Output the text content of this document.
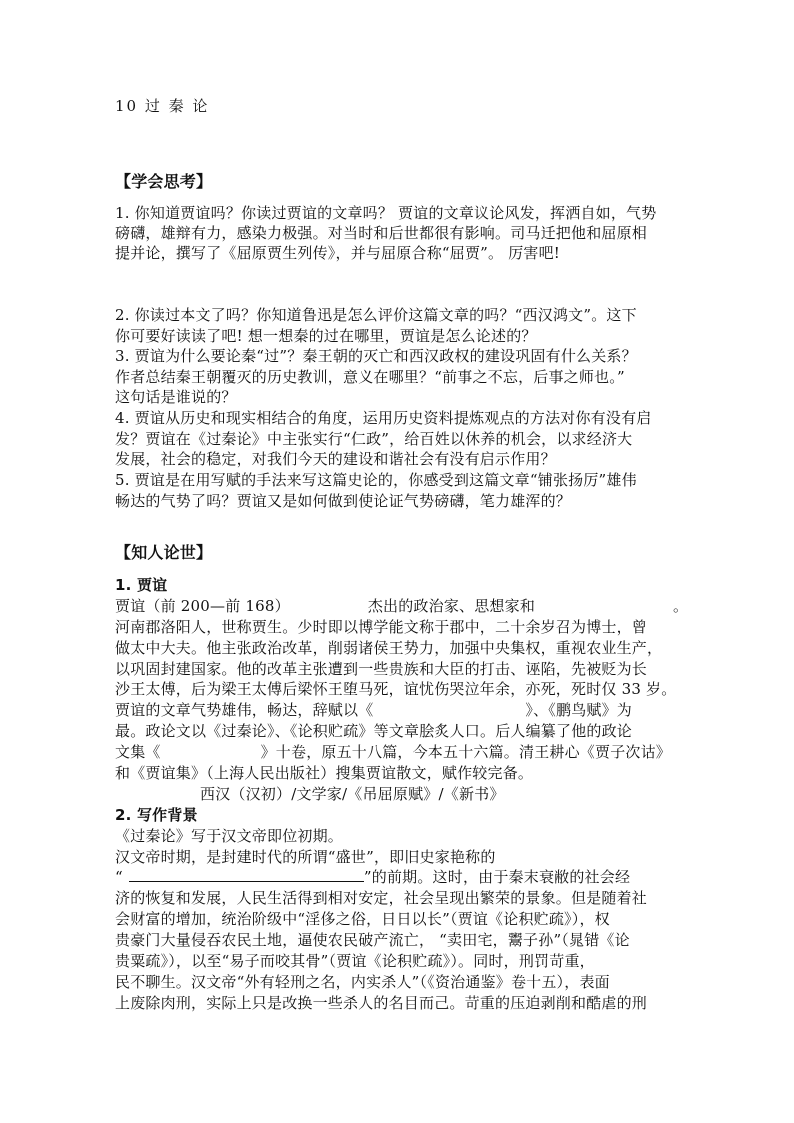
10 过 秦 论
【学会思考】
1. 你知道贾谊吗？你读过贾谊的文章吗？ 贾谊的文章议论风发，挥洒自如，气势
磅礴，雄辩有力，感染力极强。对当时和后世都很有影响。司马迁把他和屈原相
提并论，撰写了《屈原贾生列传》，并与屈原合称“屈贾”。 厉害吧!
2. 你读过本文了吗？你知道鲁迅是怎么评价这篇文章的吗？“西汉鸿文”。这下
你可要好读读了吧! 想一想秦的过在哪里，贾谊是怎么论述的？
3. 贾谊为什么要论秦“过”？秦王朝的灭亡和西汉政权的建设巩固有什么关系？
作者总结秦王朝覆灭的历史教训，意义在哪里？“前事之不忘，后事之师也。”
这句话是谁说的？
4. 贾谊从历史和现实相结合的角度，运用历史资料提炼观点的方法对你有没有启
发？贾谊在《过秦论》中主张实行“仁政”，给百姓以休养的机会，以求经济大
发展，社会的稳定，对我们今天的建设和谐社会有没有启示作用？
5. 贾谊是在用写赋的手法来写这篇史论的，你感受到这篇文章“铺张扬厉”雄伟
畅达的气势了吗？贾谊又是如何做到使论证气势磅礴，笔力雄浑的？
【知人论世】
1. 贾谊
贾谊（前 200—前 168）	杰出的政治家、思想家和	。
河南郡洛阳人，世称贾生。少时即以博学能文称于郡中，二十余岁召为博士，曾
做太中大夫。他主张政治改革，削弱诸侯王势力，加强中央集权，重视农业生产，
以巩固封建国家。他的改革主张遭到一些贵族和大臣的打击、诬陷，先被贬为长
沙王太傅，后为梁王太傅后梁怀王堕马死，谊忧伤哭泣年余，亦死，死时仅 33 岁。
贾谊的文章气势雄伟，畅达，辞赋以《	》、《鹏鸟赋》为
最。政论文以《过秦论》、《论积贮疏》等文章脍炙人口。后人编纂了他的政论
文集《	》十卷，原五十八篇，今本五十六篇。清王耕心《贾子次诂》
和《贾谊集》（上海人民出版社）搜集贾谊散文，赋作较完备。
西汉（汉初）/文学家/《吊屈原赋》/《新书》
2. 写作背景
《过秦论》写于汉文帝即位初期。
汉文帝时期，是封建时代的所谓“盛世”，即旧史家艳称的
“	”的前期。这时，由于秦末衰敝的社会经
济的恢复和发展，人民生活得到相对安定，社会呈现出繁荣的景象。但是随着社
会财富的增加，统治阶级中“淫侈之俗，日日以长”（贾谊《论积贮疏》），权
贵豪门大量侵吞农民土地，逼使农民破产流亡， “卖田宅，鬻子孙”（晁错《论
贵粟疏》），以至“易子而咬其骨”（贾谊《论积贮疏》）。同时，刑罚苛重，
民不聊生。汉文帝“外有轻刑之名，内实杀人”（《资治通鉴》卷十五），表面
上废除肉刑，实际上只是改换一些杀人的名目而己。苛重的压迫剥削和酷虐的刑
